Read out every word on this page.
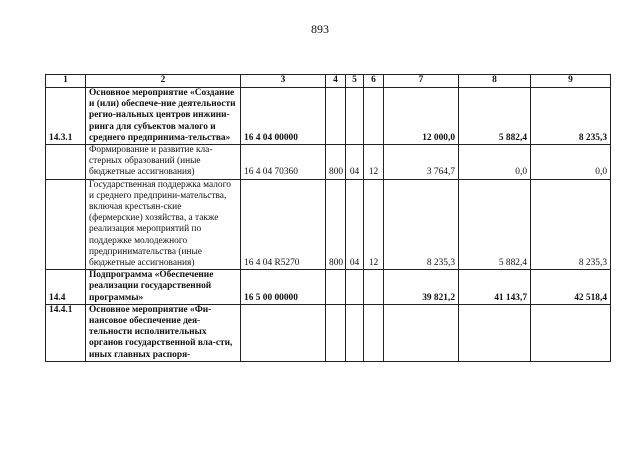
893
1	2	3	4	5	6	7	8	9
14.3.1	Основное мероприятие «Создание и (или) обеспече-ние деятельности регио-нальных центров инжини-ринга для субъектов малого и среднего предпринима-тельства»	16 4 04 00000				12 000,0	5 882,4	8 235,3
	Формирование и развитие кла-стерных образований (иные бюджетные ассигнования)	16 4 04 70360	800	04	12	3 764,7	0,0	0,0
	Государственная поддержка малого и среднего предприни-мательства, включая крестьян-ские (фермерские) хозяйства, а также реализация мероприятий по поддержке молодежного предпринимательства (иные бюджетные ассигнования)	16 4 04 R5270	800	04	12	8 235,3	5 882,4	8 235,3
14.4	Подпрограмма «Обеспечение реализации государственной программы»	16 5 00 00000				39 821,2	41 143,7	42 518,4
14.4.1	Основное мероприятие «Фи-нансовое обеспечение дея-тельности исполнительных органов государственной вла-сти, иных главных распоря-							
